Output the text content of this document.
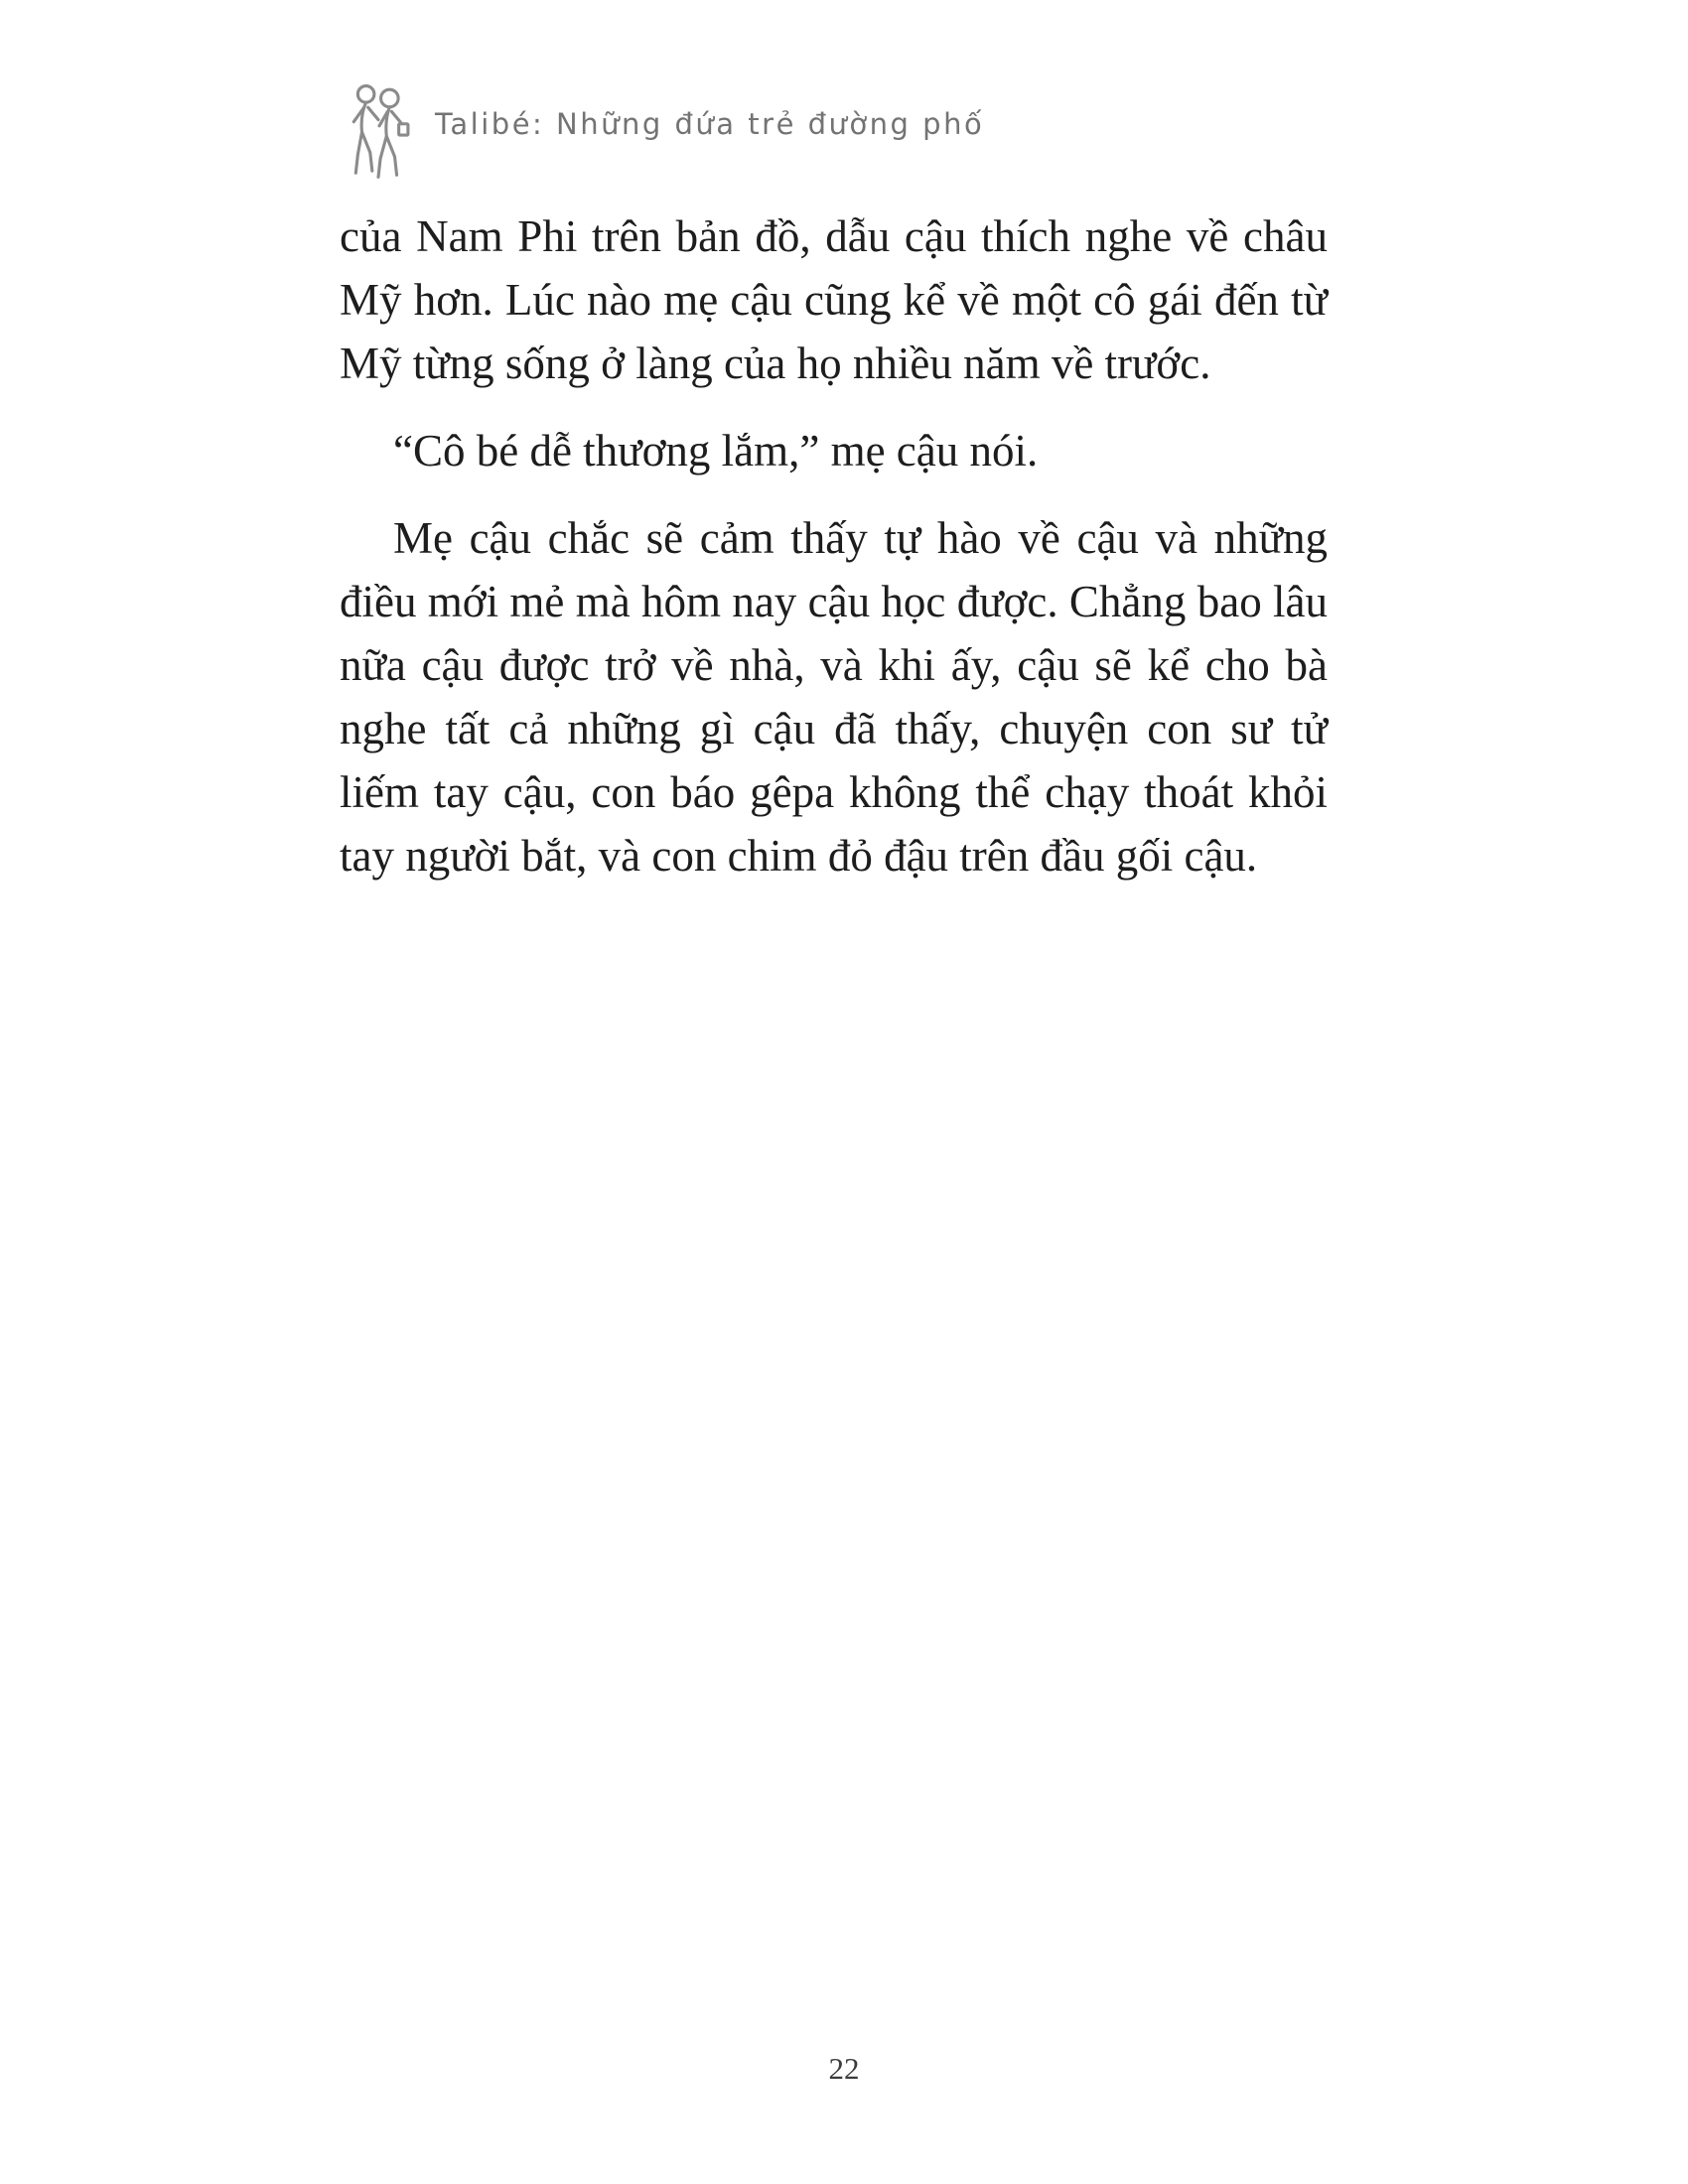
Talibé: Những đứa trẻ đường phố

của Nam Phi trên bản đồ, dẫu cậu thích nghe về châu Mỹ hơn. Lúc nào mẹ cậu cũng kể về một cô gái đến từ Mỹ từng sống ở làng của họ nhiều năm về trước.

“Cô bé dễ thương lắm,” mẹ cậu nói.

Mẹ cậu chắc sẽ cảm thấy tự hào về cậu và những điều mới mẻ mà hôm nay cậu học được. Chẳng bao lâu nữa cậu được trở về nhà, và khi ấy, cậu sẽ kể cho bà nghe tất cả những gì cậu đã thấy, chuyện con sư tử liếm tay cậu, con báo gêpa không thể chạy thoát khỏi tay người bắt, và con chim đỏ đậu trên đầu gối cậu.

22
